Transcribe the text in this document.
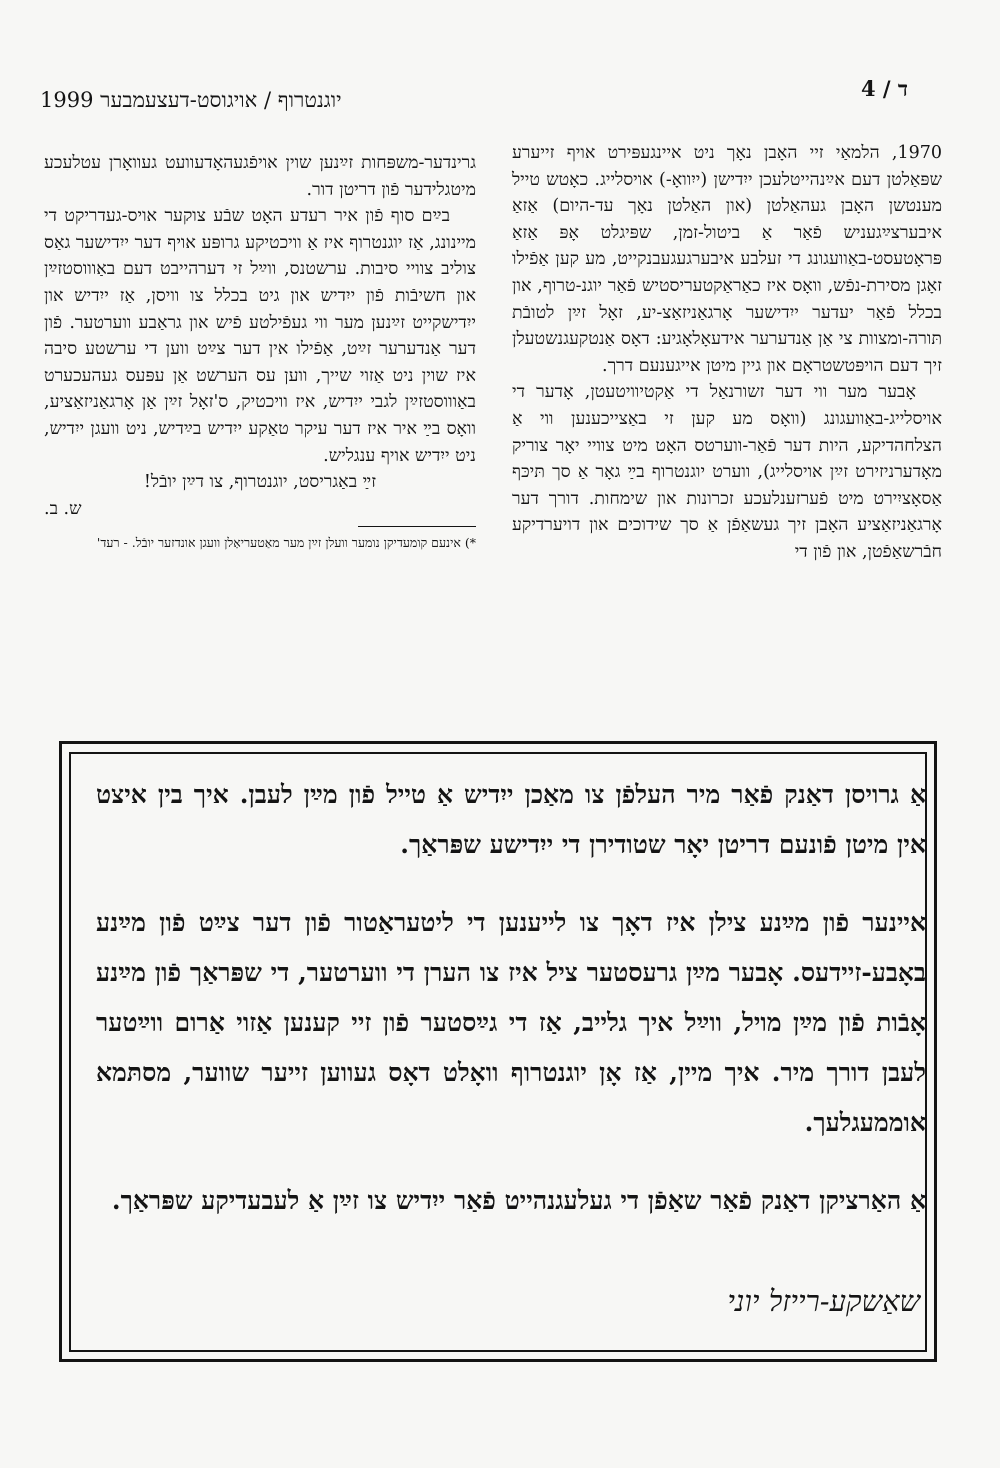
יוגנטרוף / אויגוסט-דעצעמבער 1999	ד / 4

1970, הלמאַי זיי האָבן נאָך ניט איינגעפּירט אויף זייערע שפּאַלטן דעם אײַנהייטלעכן ייִדישן (ייִוואָ-) אויסלייג. כאָטש טייל מענטשן האָבן געהאַלטן (און האַלטן נאָך עד-היום) אַזאַ איבערצײַגעניש פֿאַר אַ ביטול-זמן, שפּיגלט אָפּ אַזאַ פּראָטעסט-באַוועגונג די זעלבע איבערגעגעבנקייט, מע קען אַפֿילו זאָגן מסירת-נפֿש, וואָס איז כאַראַקטעריסטיש פֿאַר יוגנ-טרוף, און בכלל פֿאַר יעדער ייִדישער אָרגאַניזאַצ-יע, זאָל זײַן לטובֿת תּורה-ומצוות צי אַן אַנדערער אידעאָלאָגיע: דאָס אַנטקעגנשטעלן זיך דעם הויפּטשטראָם און גיין מיטן אייגענעם דרך.

אָבער מער ווי דער זשורנאַל די אַקטיוויטעטן, אָדער די אויסלייג-באַוועגונג (וואָס מע קען זי באַצייכענען ווי אַ הצלחהדיקע, היות דער פֿאַר-ווערטס האָט מיט צוויי יאָר צוריק מאָדערניזירט זײַן אויסלייג), ווערט יוגנטרוף בײַ גאָר אַ סך תּיכּף אַסאָציִירט מיט פֿערזענלעכע זכרונות און שימחות. דורך דער אָרגאַניזאַציע האָבן זיך געשאַפֿן אַ סך שידוכים און דויערדיקע חבֿרשאַפֿטן, און פֿון די

גרינדער-משפּחות זײַנען שוין אויפֿגעהאָדעוועט געוואָרן עטלעכע מיטגלידער פֿון דריטן דור.

בײַם סוף פֿון איר רעדע האָט שבֿע צוקער אויס-געדריקט די מיינונג, אַז יוגנטרוף איז אַ וויכטיקע גרופּע אויף דער ייִדישער גאַס צוליב צוויי סיבות. ערשטנס, ווײַל זי דערהייבט דעם באַוווסטזײַן און חשיבֿות פֿון ייִדיש און גיט בכלל צו וויסן, אַז ייִדיש און ייִדישקייט זײַנען מער ווי געפֿילטע פֿיש און גראַבע ווערטער. פֿון דער אַנדערער זײַט, אַפֿילו אין דער צײַט ווען די ערשטע סיבה איז שוין ניט אַזוי שייך, ווען עס הערשט אַן עפּעס געהעכערט באַוווסטזײַן לגבי ייִדיש, איז וויכטיק, ס'זאָל זײַן אַן אָרגאַניזאַציע, וואָס בײַ איר איז דער עיקר טאַקע ייִדיש בײַדיש, ניט וועגן ייִדיש, ניט ייִדיש אויף ענגליש.

זײַ באַגריסט, יוגנטרוף, צו דײַן יובֿל!

ש. ב.

*) אינעם קומעדיקן נומער וועלן זײַן מער מאַטעריאַלן וועגן אונדזער יובֿל. - רעד'

אַ גרויסן דאַנק פֿאַר מיר העלפֿן צו מאַכן ייִדיש אַ טייל פֿון מײַן לעבן. איך בין איצט אין מיטן פֿונעם דריטן יאָר שטודירן די ייִדישע שפּראַך.

איינער פֿון מײַנע צילן איז דאָך צו לייענען די ליטעראַטור פֿון דער צײַט פֿון מײַנע באָבע-זיידעס. אָבער מײַן גרעסטער ציל איז צו הערן די ווערטער, די שפּראַך פֿון מײַנע אָבֿות פֿון מײַן מויל, ווײַל איך גלייב, אַז די גײַסטער פֿון זיי קענען אַזוי אַרום ווײַטער לעבן דורך מיר. איך מיין, אַז אָן יוגנטרוף וואָלט דאָס געווען זייער שווער, מסתּמא אוממעגלעך.

אַ האַרציקן דאַנק פֿאַר שאַפֿן די געלעגנהייט פֿאַר ייִדיש צו זײַן אַ לעבעדיקע שפּראַך.

שאַשקע-רייזל יוני
